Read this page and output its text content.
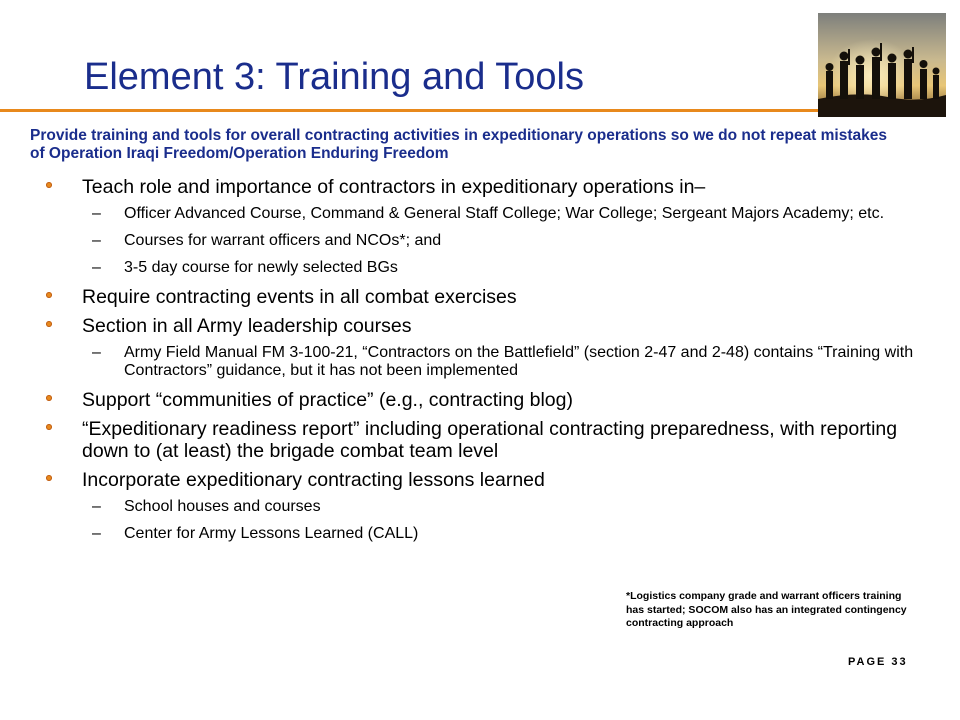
Element 3: Training and Tools
Provide training and tools for overall contracting activities in expeditionary operations so we do not repeat mistakes of Operation Iraqi Freedom/Operation Enduring Freedom
Teach role and importance of contractors in expeditionary operations in–
– Officer Advanced Course, Command & General Staff College; War College; Sergeant Majors Academy; etc.
– Courses for warrant officers and NCOs*; and
– 3-5 day course for newly selected BGs
Require contracting events in all combat exercises
Section in all Army leadership courses
– Army Field Manual FM 3-100-21, “Contractors on the Battlefield” (section 2-47 and 2-48) contains “Training with Contractors” guidance, but it has not been implemented
Support “communities of practice” (e.g., contracting blog)
“Expeditionary readiness report” including operational contracting preparedness, with reporting down to (at least) the brigade combat team level
Incorporate expeditionary contracting lessons learned
– School houses and courses
– Center for Army Lessons Learned (CALL)
*Logistics company grade and warrant officers training has started; SOCOM also has an integrated contingency contracting approach
PAGE 33
